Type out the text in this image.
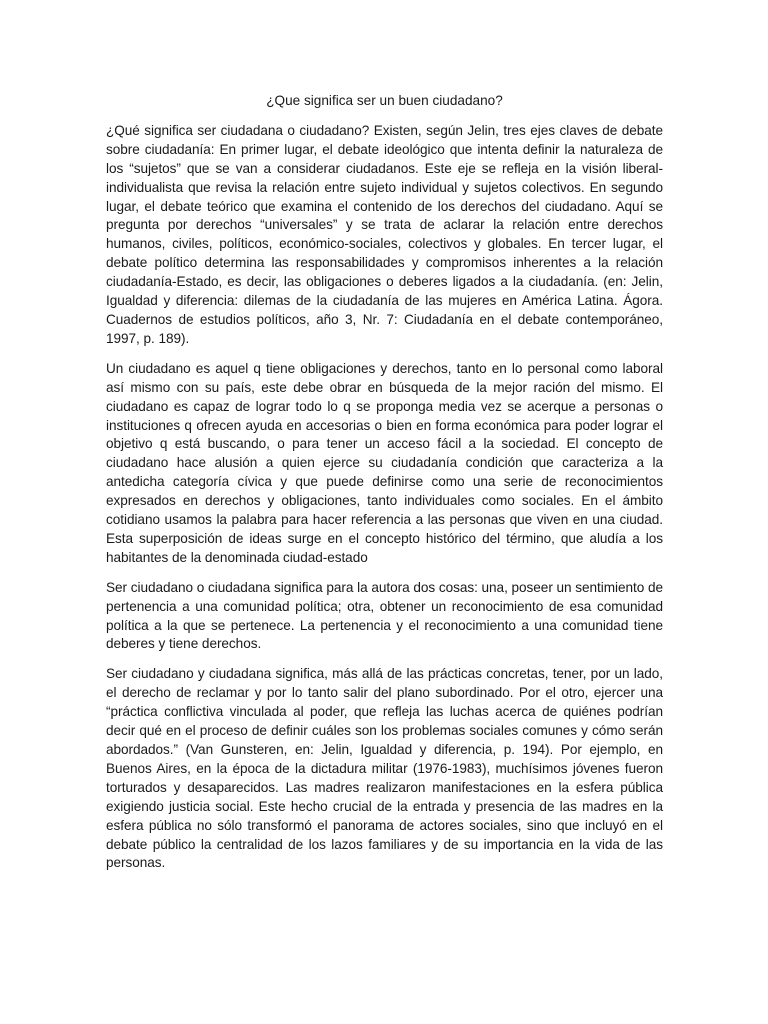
¿Que significa ser un buen ciudadano?

¿Qué significa ser ciudadana o ciudadano? Existen, según Jelin, tres ejes claves de debate sobre ciudadanía: En primer lugar, el debate ideológico que intenta definir la naturaleza de los “sujetos” que se van a considerar ciudadanos. Este eje se refleja en la visión liberal-individualista que revisa la relación entre sujeto individual y sujetos colectivos. En segundo lugar, el debate teórico que examina el contenido de los derechos del ciudadano. Aquí se pregunta por derechos “universales” y se trata de aclarar la relación entre derechos humanos, civiles, políticos, económico-sociales, colectivos y globales. En tercer lugar, el debate político determina las responsabilidades y compromisos inherentes a la relación ciudadanía-Estado, es decir, las obligaciones o deberes ligados a la ciudadanía. (en: Jelin, Igualdad y diferencia: dilemas de la ciudadanía de las mujeres en América Latina. Ágora. Cuadernos de estudios políticos, año 3, Nr. 7: Ciudadanía en el debate contemporáneo, 1997, p. 189).

Un ciudadano es aquel q tiene obligaciones y derechos, tanto en lo personal como laboral así mismo con su país, este debe obrar en búsqueda de la mejor ración del mismo. El ciudadano es capaz de lograr todo lo q se proponga media vez se acerque a personas o instituciones q ofrecen ayuda en accesorias o bien en forma económica para poder lograr el objetivo q está buscando, o para tener un acceso fácil a la sociedad. El concepto de ciudadano hace alusión a quien ejerce su ciudadanía condición que caracteriza a la antedicha categoría cívica y que puede definirse como una serie de reconocimientos expresados en derechos y obligaciones, tanto individuales como sociales. En el ámbito cotidiano usamos la palabra para hacer referencia a las personas que viven en una ciudad. Esta superposición de ideas surge en el concepto histórico del término, que aludía a los habitantes de la denominada ciudad-estado

Ser ciudadano o ciudadana significa para la autora dos cosas: una, poseer un sentimiento de pertenencia a una comunidad política; otra, obtener un reconocimiento de esa comunidad política a la que se pertenece. La pertenencia y el reconocimiento a una comunidad tiene deberes y tiene derechos.

Ser ciudadano y ciudadana significa, más allá de las prácticas concretas, tener, por un lado, el derecho de reclamar y por lo tanto salir del plano subordinado. Por el otro, ejercer una “práctica conflictiva vinculada al poder, que refleja las luchas acerca de quiénes podrían decir qué en el proceso de definir cuáles son los problemas sociales comunes y cómo serán abordados.” (Van Gunsteren, en: Jelin, Igualdad y diferencia, p. 194). Por ejemplo, en Buenos Aires, en la época de la dictadura militar (1976-1983), muchísimos jóvenes fueron torturados y desaparecidos. Las madres realizaron manifestaciones en la esfera pública exigiendo justicia social. Este hecho crucial de la entrada y presencia de las madres en la esfera pública no sólo transformó el panorama de actores sociales, sino que incluyó en el debate público la centralidad de los lazos familiares y de su importancia en la vida de las personas.
